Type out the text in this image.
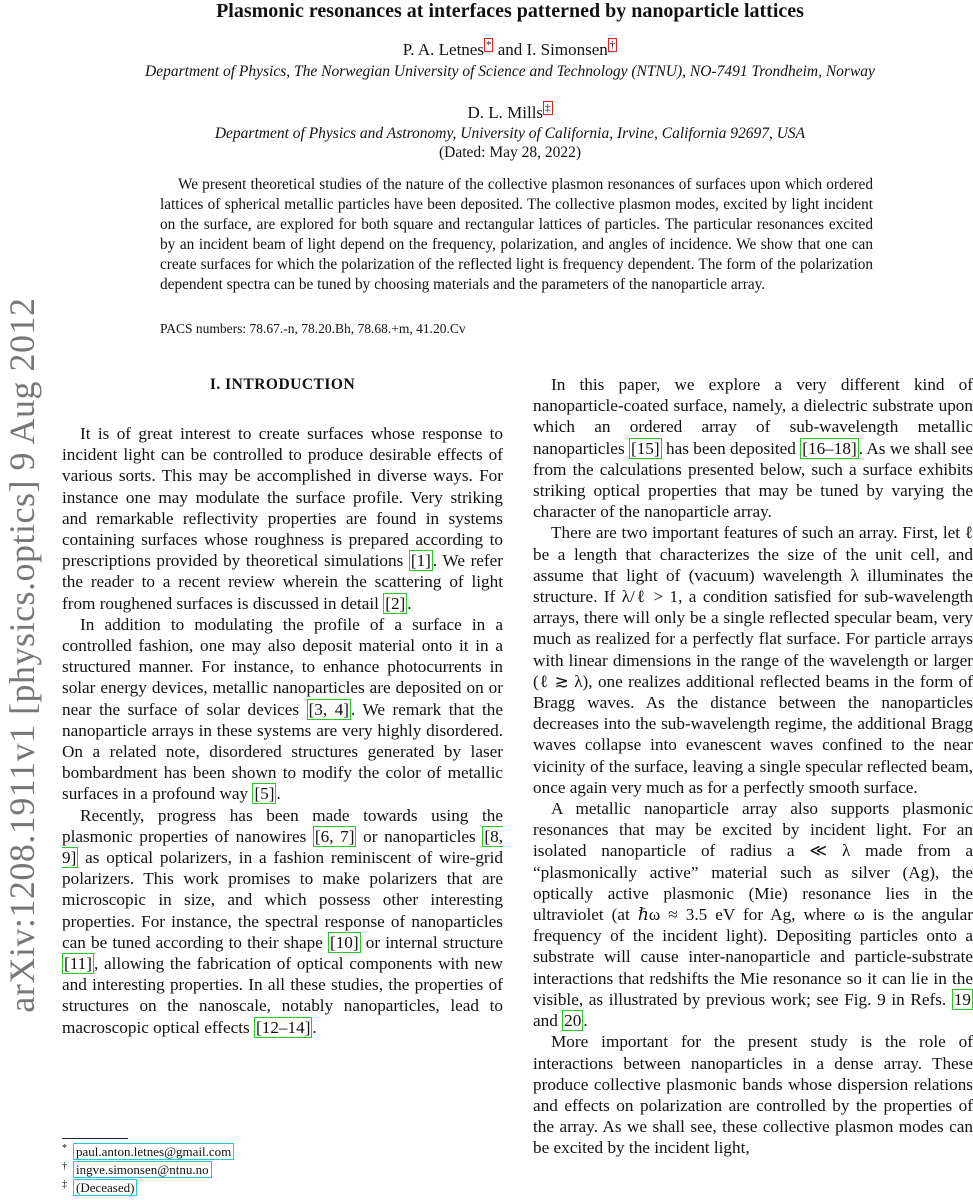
arXiv:1208.1911v1 [physics.optics] 9 Aug 2012
Plasmonic resonances at interfaces patterned by nanoparticle lattices
P. A. Letnes * and I. Simonsen †
Department of Physics, The Norwegian University of Science and Technology (NTNU), NO-7491 Trondheim, Norway
D. L. Mills ‡
Department of Physics and Astronomy, University of California, Irvine, California 92697, USA
(Dated: May 28, 2022)

We present theoretical studies of the nature of the collective plasmon resonances of surfaces upon which ordered lattices of spherical metallic particles have been deposited. The collective plasmon modes, excited by light incident on the surface, are explored for both square and rectangular lattices of particles. The particular resonances excited by an incident beam of light depend on the frequency, polarization, and angles of incidence. We show that one can create surfaces for which the polarization of the reflected light is frequency dependent. The form of the polarization dependent spectra can be tuned by choosing materials and the parameters of the nanoparticle array.

PACS numbers: 78.67.-n, 78.20.Bh, 78.68.+m, 41.20.Cv
I. INTRODUCTION

It is of great interest to create surfaces whose response to incident light can be controlled to produce desirable effects of various sorts. This may be accomplished in diverse ways. For instance one may modulate the surface profile. Very striking and remarkable reflectivity properties are found in systems containing surfaces whose roughness is prepared according to prescriptions provided by theoretical simulations [1] . We refer the reader to a recent review wherein the scattering of light from roughened surfaces is discussed in detail [2] .

In addition to modulating the profile of a surface in a controlled fashion, one may also deposit material onto it in a structured manner. For instance, to enhance photocurrents in solar energy devices, metallic nanoparticles are deposited on or near the surface of solar devices [3, 4] . We remark that the nanoparticle arrays in these systems are very highly disordered. On a related note, disordered structures generated by laser bombardment has been shown to modify the color of metallic surfaces in a profound way [5] .

Recently, progress has been made towards using the plasmonic properties of nanowires [6, 7] or nanoparticles [8, 9] as optical polarizers, in a fashion reminiscent of wire-grid polarizers. This work promises to make polarizers that are microscopic in size, and which possess other interesting properties. For instance, the spectral response of nanoparticles can be tuned according to their shape [10] or internal structure [11] , allowing the fabrication of optical components with new and interesting properties. In all these studies, the properties of structures on the nanoscale, notably nanoparticles, lead to macroscopic optical effects [12–14] .

In this paper, we explore a very different kind of nanoparticle-coated surface, namely, a dielectric substrate upon which an ordered array of sub-wavelength metallic nanoparticles [15] has been deposited [16–18] . As we shall see from the calculations presented below, such a surface exhibits striking optical properties that may be tuned by varying the character of the nanoparticle array.

There are two important features of such an array. First, let ℓ be a length that characterizes the size of the unit cell, and assume that light of (vacuum) wavelength λ illuminates the structure. If λ/ℓ > 1, a condition satisfied for sub-wavelength arrays, there will only be a single reflected specular beam, very much as realized for a perfectly flat surface. For particle arrays with linear dimensions in the range of the wavelength or larger (ℓ ≳ λ), one realizes additional reflected beams in the form of Bragg waves. As the distance between the nanoparticles decreases into the sub-wavelength regime, the additional Bragg waves collapse into evanescent waves confined to the near vicinity of the surface, leaving a single specular reflected beam, once again very much as for a perfectly smooth surface.

A metallic nanoparticle array also supports plasmonic resonances that may be excited by incident light. For an isolated nanoparticle of radius a ≪ λ made from a “plasmonically active” material such as silver (Ag), the optically active plasmonic (Mie) resonance lies in the ultraviolet (at ℏω ≈ 3.5 eV for Ag, where ω is the angular frequency of the incident light). Depositing particles onto a substrate will cause inter-nanoparticle and particle-substrate interactions that redshifts the Mie resonance so it can lie in the visible, as illustrated by previous work; see Fig. 9 in Refs. 19 and 20 .

More important for the present study is the role of interactions between nanoparticles in a dense array. These produce collective plasmonic bands whose dispersion relations and effects on polarization are controlled by the properties of the array. As we shall see, these collective plasmon modes can be excited by the incident light,

* paul.anton.letnes@gmail.com
† ingve.simonsen@ntnu.no
‡ (Deceased)
